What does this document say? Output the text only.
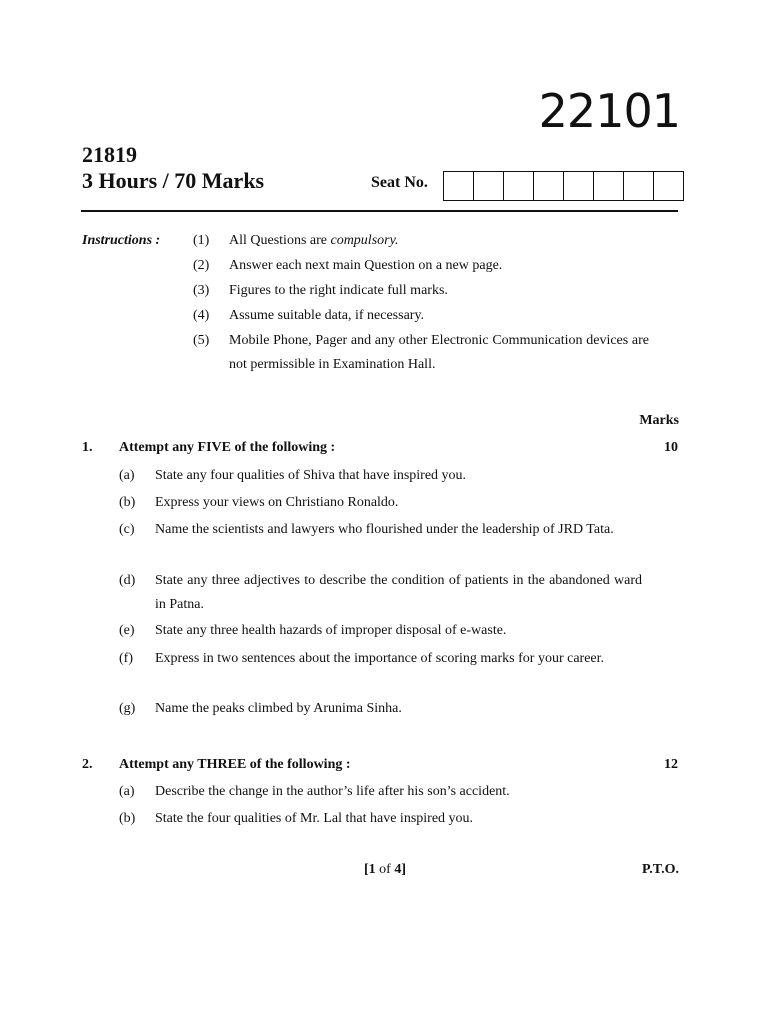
22101
21819
3 Hours / 70 Marks	Seat No.
Instructions : (1) All Questions are compulsory.
(2) Answer each next main Question on a new page.
(3) Figures to the right indicate full marks.
(4) Assume suitable data, if necessary.
(5) Mobile Phone, Pager and any other Electronic Communication devices are not permissible in Examination Hall.
Marks
1. Attempt any FIVE of the following :	10
(a) State any four qualities of Shiva that have inspired you.
(b) Express your views on Christiano Ronaldo.
(c) Name the scientists and lawyers who flourished under the leadership of JRD Tata.
(d) State any three adjectives to describe the condition of patients in the abandoned ward in Patna.
(e) State any three health hazards of improper disposal of e-waste.
(f) Express in two sentences about the importance of scoring marks for your career.
(g) Name the peaks climbed by Arunima Sinha.
2. Attempt any THREE of the following :	12
(a) Describe the change in the author’s life after his son’s accident.
(b) State the four qualities of Mr. Lal that have inspired you.
[1 of 4]	P.T.O.
